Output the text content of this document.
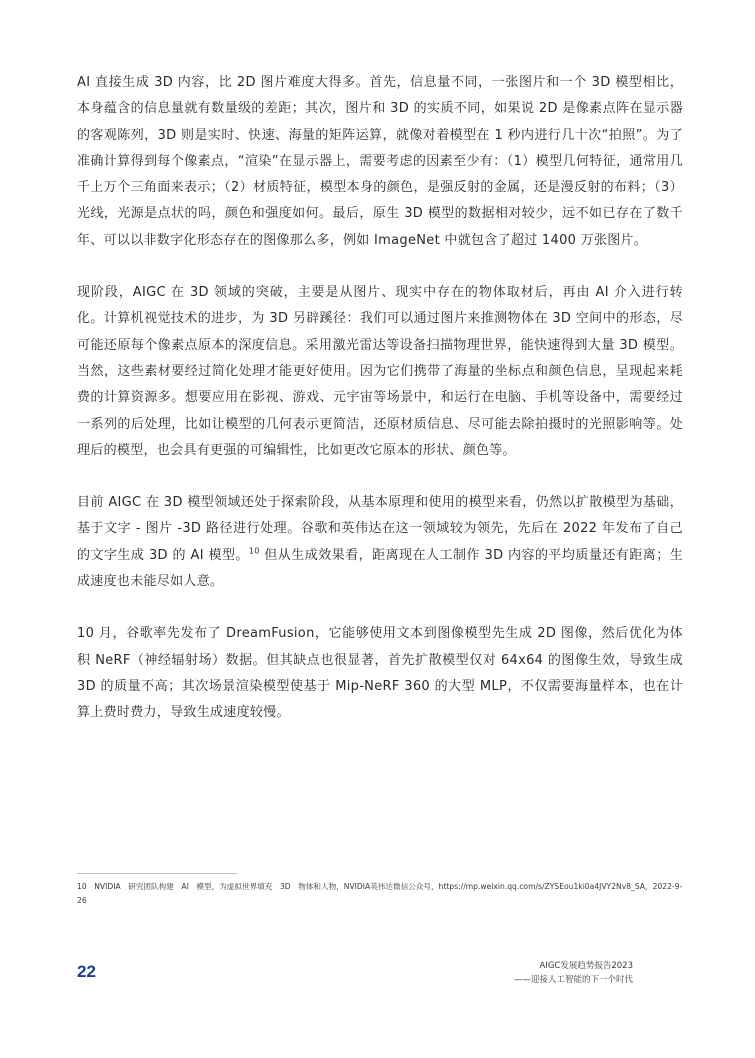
AI 直接生成 3D 内容，比 2D 图片难度大得多。首先，信息量不同，一张图片和一个 3D 模型相比，本身蕴含的信息量就有数量级的差距；其次，图片和 3D 的实质不同，如果说 2D 是像素点阵在显示器的客观陈列，3D 则是实时、快速、海量的矩阵运算，就像对着模型在 1 秒内进行几十次“拍照”。为了准确计算得到每个像素点，“渲染”在显示器上，需要考虑的因素至少有：（1）模型几何特征，通常用几千上万个三角面来表示；（2）材质特征，模型本身的颜色，是强反射的金属，还是漫反射的布料；（3）光线，光源是点状的吗，颜色和强度如何。最后，原生 3D 模型的数据相对较少，远不如已存在了数千年、可以以非数字化形态存在的图像那么多，例如 ImageNet 中就包含了超过 1400 万张图片。

现阶段，AIGC 在 3D 领域的突破，主要是从图片、现实中存在的物体取材后，再由 AI 介入进行转化。计算机视觉技术的进步，为 3D 另辟蹊径：我们可以通过图片来推测物体在 3D 空间中的形态，尽可能还原每个像素点原本的深度信息。采用激光雷达等设备扫描物理世界，能快速得到大量 3D 模型。当然，这些素材要经过简化处理才能更好使用。因为它们携带了海量的坐标点和颜色信息，呈现起来耗费的计算资源多。想要应用在影视、游戏、元宇宙等场景中，和运行在电脑、手机等设备中，需要经过一系列的后处理，比如让模型的几何表示更简洁，还原材质信息、尽可能去除拍摄时的光照影响等。处理后的模型，也会具有更强的可编辑性，比如更改它原本的形状、颜色等。

目前 AIGC 在 3D 模型领域还处于探索阶段，从基本原理和使用的模型来看，仍然以扩散模型为基础，基于文字 - 图片 -3D 路径进行处理。谷歌和英伟达在这一领域较为领先，先后在 2022 年发布了自己的文字生成 3D 的 AI 模型。$^{10}$ 但从生成效果看，距离现在人工制作 3D 内容的平均质量还有距离；生成速度也未能尽如人意。

10 月，谷歌率先发布了 DreamFusion，它能够使用文本到图像模型先生成 2D 图像，然后优化为体积 NeRF（神经辐射场）数据。但其缺点也很显著，首先扩散模型仅对 64x64 的图像生效，导致生成 3D 的质量不高；其次场景渲染模型使基于 Mip-NeRF 360 的大型 MLP，不仅需要海量样本，也在计算上费时费力，导致生成速度较慢。

10　NVIDIA　研究团队构建　AI　模型，为虚拟世界填充　3D　物体和人物，NVIDIA英伟达微信公众号，https://mp.weixin.qq.com/s/ZYSEou1ki0a4JVY2Nv8_SA，2022-9-26
22	AIGC发展趋势报告2023
——迎接人工智能的下一个时代
